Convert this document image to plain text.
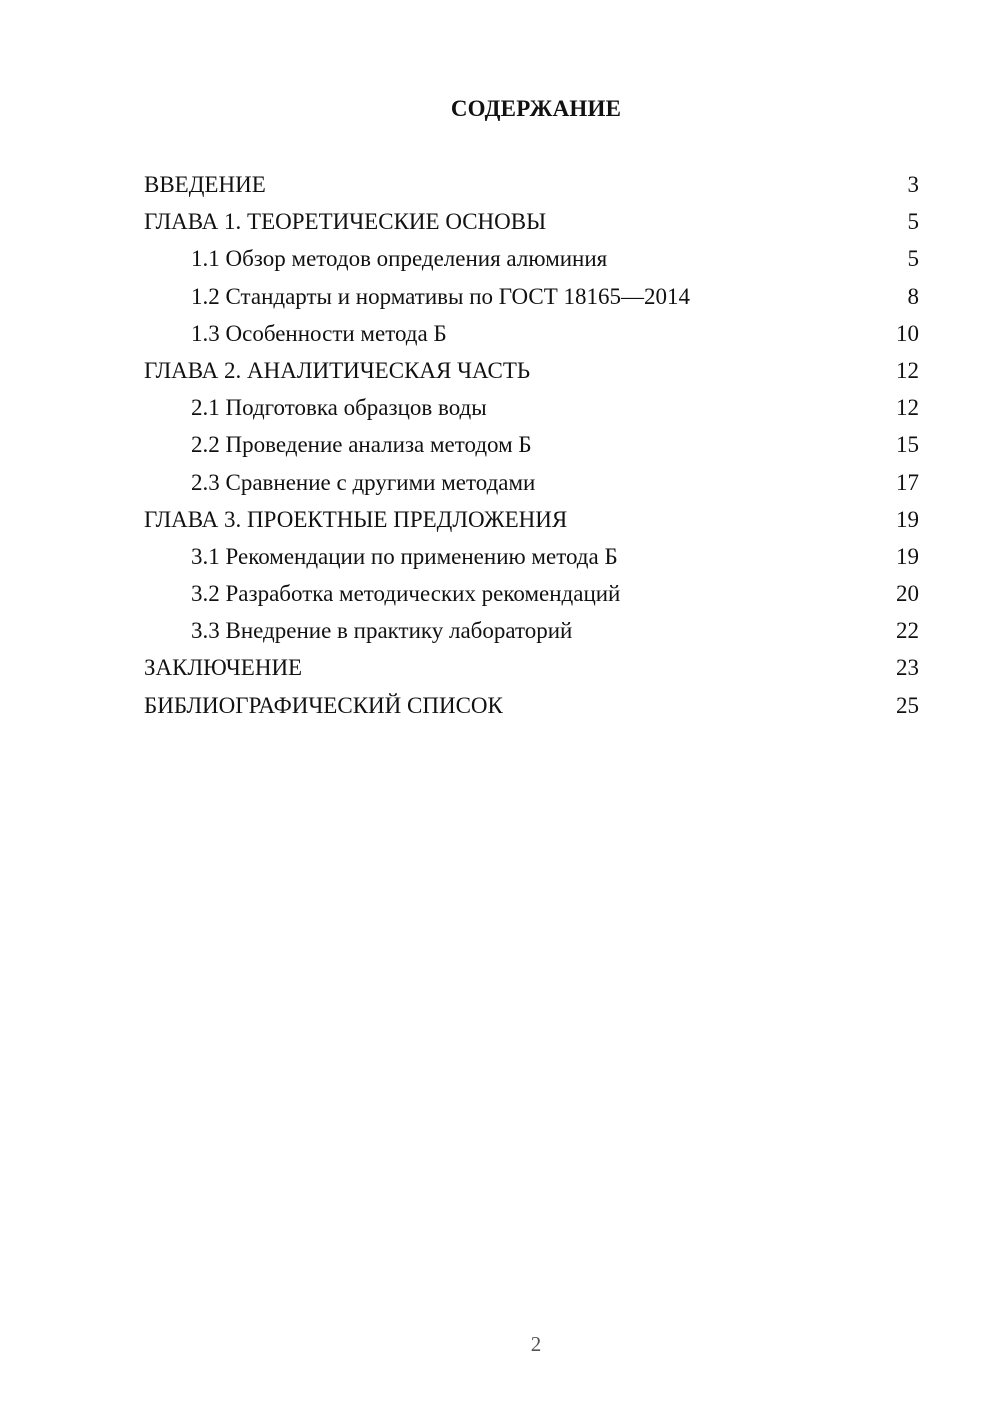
СОДЕРЖАНИЕ
ВВЕДЕНИЕ	3
ГЛАВА 1. ТЕОРЕТИЧЕСКИЕ ОСНОВЫ	5
1.1 Обзор методов определения алюминия	5
1.2 Стандарты и нормативы по ГОСТ 18165—2014	8
1.3 Особенности метода Б	10
ГЛАВА 2. АНАЛИТИЧЕСКАЯ ЧАСТЬ	12
2.1 Подготовка образцов воды	12
2.2 Проведение анализа методом Б	15
2.3 Сравнение с другими методами	17
ГЛАВА 3. ПРОЕКТНЫЕ ПРЕДЛОЖЕНИЯ	19
3.1 Рекомендации по применению метода Б	19
3.2 Разработка методических рекомендаций	20
3.3 Внедрение в практику лабораторий	22
ЗАКЛЮЧЕНИЕ	23
БИБЛИОГРАФИЧЕСКИЙ СПИСОК	25
2
